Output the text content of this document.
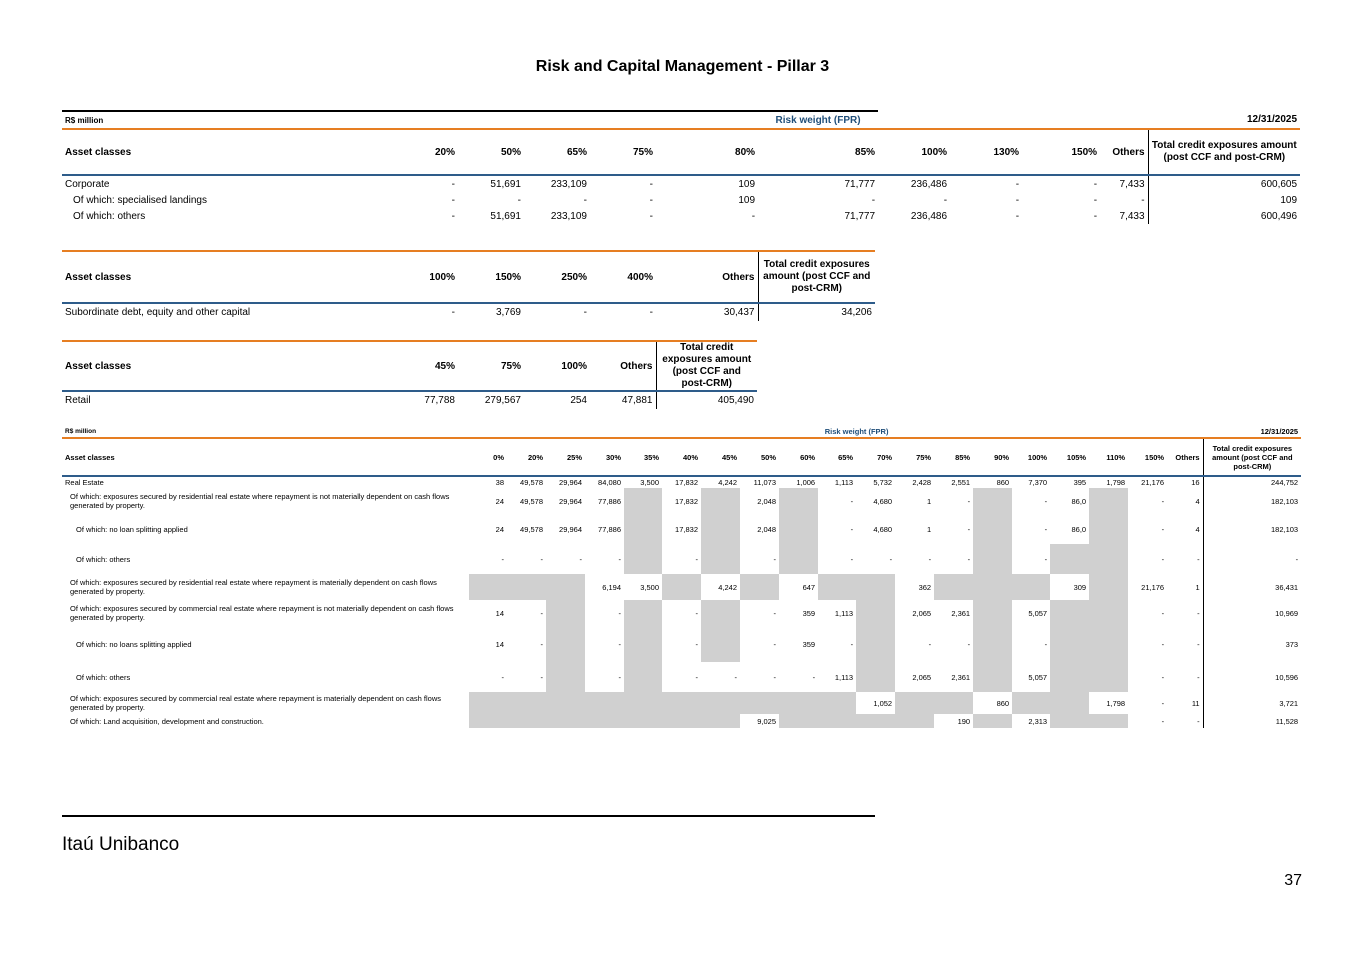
Risk and Capital Management - Pillar 3
R$ million						Risk weight (FPR)					12/31/2025
Asset classes	20%	50%	65%	75%	80%	85%	100%	130%	150%	Others	Total credit exposures amount (post CCF and post-CRM)
Corporate	-	51,691	233,109	-	109	71,777	236,486	-	-	7,433	600,605
Of which: specialised landings	-	-	-	-	109	-	-	-	-	-	109
Of which: others	-	51,691	233,109	-	-	71,777	236,486	-	-	7,433	600,496
Asset classes	100%	150%	250%	400%	Others	Total credit exposures amount (post CCF and post-CRM)
Subordinate debt, equity and other capital	-	3,769	-	-	30,437	34,206
Asset classes	45%	75%	100%	Others	Total credit exposures amount (post CCF and post-CRM)
Retail	77,788	279,567	254	47,881	405,490
R$ million										Risk weight (FPR)										12/31/2025
Asset classes	0%	20%	25%	30%	35%	40%	45%	50%	60%	65%	70%	75%	85%	90%	100%	105%	110%	150%	Others	Total credit exposures amount (post CCF and post-CRM)
Real Estate	38	49,578	29,964	84,080	3,500	17,832	4,242	11,073	1,006	1,113	5,732	2,428	2,551	860	7,370	395	1,798	21,176	16	244,752
Of which: exposures secured by residential real estate where repayment is not materially dependent on cash flows generated by property.	24	49,578	29,964	77,886		17,832		2,048		-	4,680	1	-		-	86,0		-	4	182,103
Of which: no loan splitting applied	24	49,578	29,964	77,886		17,832		2,048		-	4,680	1	-		-	86,0		-	4	182,103
Of which: others	-	-	-	-		-		-		-	-	-	-		-			-	-	-
Of which: exposures secured by residential real estate where repayment is materially dependent on cash flows generated by property.				6,194	3,500		4,242		647			362				309		21,176	1	36,431
Of which: exposures secured by commercial real estate where repayment is not materially dependent on cash flows generated by property.	14	-		-		-		-	359	1,113		2,065	2,361		5,057			-	-	10,969
Of which: no loans splitting applied	14	-		-		-		-	359	-		-	-		-			-	-	373
Of which: others	-	-		-		-	-	-	-	1,113		2,065	2,361		5,057			-	-	10,596
Of which: exposures secured by commercial real estate where repayment is materially dependent on cash flows generated by property.											1,052			860			1,798	-	11	3,721
Of which: Land acquisition, development and construction.								9,025					190		2,313			-	-	11,528
Itaú Unibanco
37
